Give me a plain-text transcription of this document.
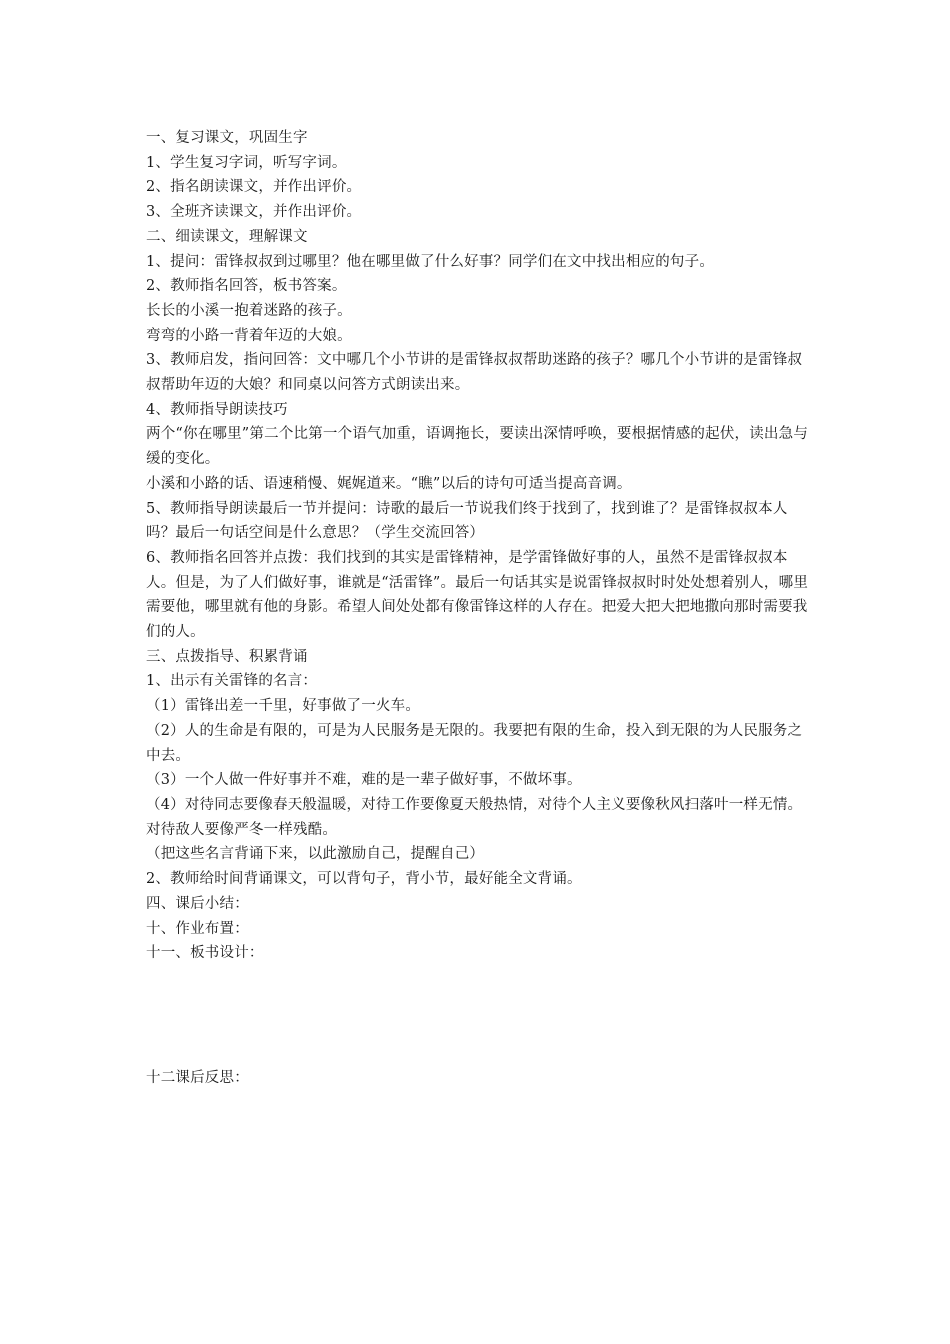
一、复习课文，巩固生字
1、学生复习字词，听写字词。
2、指名朗读课文，并作出评价。
3、全班齐读课文，并作出评价。
二、细读课文，理解课文
1、提问：雷锋叔叔到过哪里？他在哪里做了什么好事？同学们在文中找出相应的句子。
2、教师指名回答，板书答案。
长长的小溪一抱着迷路的孩子。
弯弯的小路一背着年迈的大娘。
3、教师启发，指问回答：文中哪几个小节讲的是雷锋叔叔帮助迷路的孩子？哪几个小节讲的是雷锋叔叔帮助年迈的大娘？和同桌以问答方式朗读出来。
4、教师指导朗读技巧
两个“你在哪里”第二个比第一个语气加重，语调拖长，要读出深情呼唤，要根据情感的起伏，读出急与缓的变化。
小溪和小路的话、语速稍慢、娓娓道来。“瞧”以后的诗句可适当提高音调。
5、教师指导朗读最后一节并提问：诗歌的最后一节说我们终于找到了，找到谁了？是雷锋叔叔本人吗？最后一句话空间是什么意思？（学生交流回答）
6、教师指名回答并点拨：我们找到的其实是雷锋精神，是学雷锋做好事的人，虽然不是雷锋叔叔本人。但是，为了人们做好事，谁就是“活雷锋”。最后一句话其实是说雷锋叔叔时时处处想着别人，哪里需要他，哪里就有他的身影。希望人间处处都有像雷锋这样的人存在。把爱大把大把地撒向那时需要我们的人。
三、点拨指导、积累背诵
1、出示有关雷锋的名言：
（1）雷锋出差一千里，好事做了一火车。
（2）人的生命是有限的，可是为人民服务是无限的。我要把有限的生命，投入到无限的为人民服务之中去。
（3）一个人做一件好事并不难，难的是一辈子做好事，不做坏事。
（4）对待同志要像春天般温暖，对待工作要像夏天般热情，对待个人主义要像秋风扫落叶一样无情。对待敌人要像严冬一样残酷。
（把这些名言背诵下来，以此激励自己，提醒自己）
2、教师给时间背诵课文，可以背句子，背小节，最好能全文背诵。
四、课后小结：
十、作业布置：
十一、板书设计：
十二课后反思：
